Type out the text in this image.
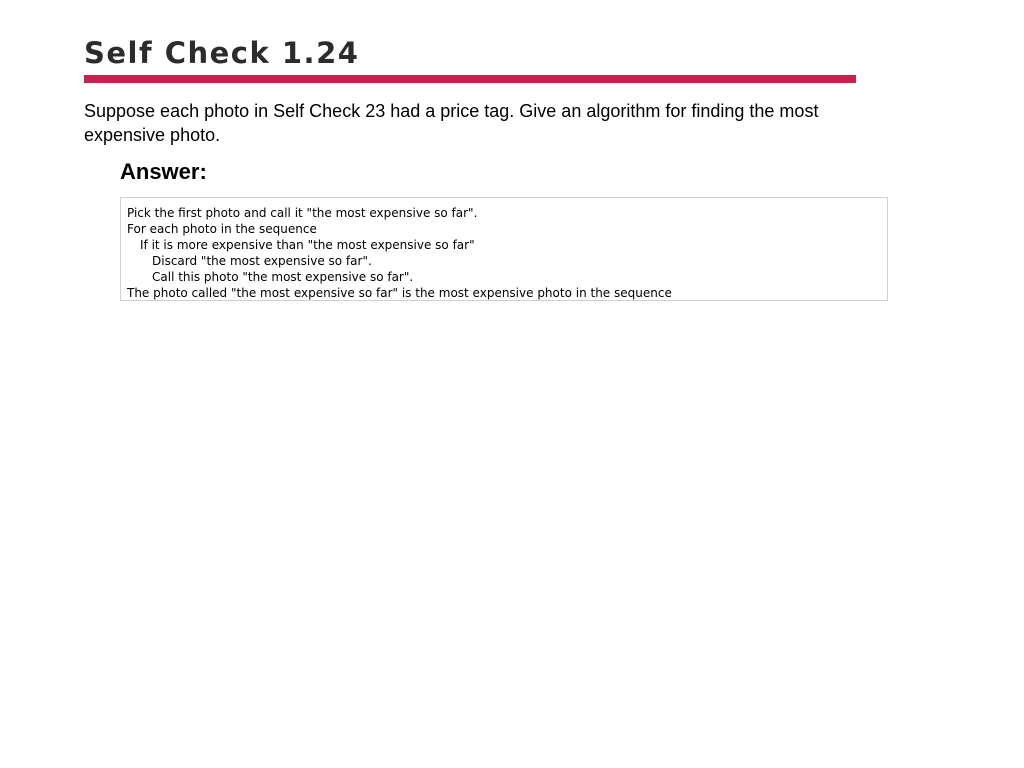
Self Check 1.24

Suppose each photo in Self Check 23 had a price tag. Give an algorithm for finding the most expensive photo.

Answer:
Pick the first photo and call it "the most expensive so far".
For each photo in the sequence
If it is more expensive than "the most expensive so far"
Discard "the most expensive so far".
Call this photo "the most expensive so far".
The photo called "the most expensive so far" is the most expensive photo in the sequence
